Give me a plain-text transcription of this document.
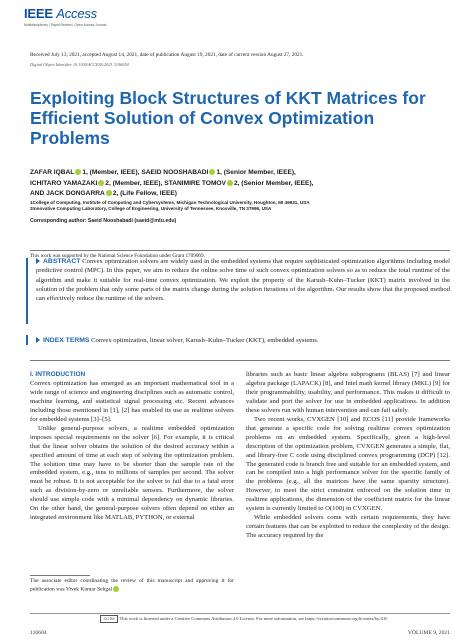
IEEE Access
Multidisciplinary | Rapid Review | Open Access Journal
Received July 13, 2021, accepted August 14, 2021, date of publication August 19, 2021, date of current version August 27, 2021.
Digital Object Identifier 10.1109/ACCESS.2021.3106054
Exploiting Block Structures of KKT Matrices for Efficient Solution of Convex Optimization Problems
ZAFAR IQBAL 1, (Member, IEEE), SAEID NOOSHABADI 1, (Senior Member, IEEE),
ICHITARO YAMAZAKI 2, (Member, IEEE), STANIMIRE TOMOV 2, (Senior Member, IEEE),
AND JACK DONGARRA 2, (Life Fellow, IEEE)
1College of Computing, Institute of Computing and Cybersystems, Michigan Technological University, Houghton, MI 49931, USA
2Innovative Computing Laboratory, College of Engineering, University of Tennessee, Knoxville, TN 37996, USA
Corresponding author: Saeid Nooshabadi (saeid@mtu.edu)
This work was supported by the National Science Foundation under Grant 1709069.
ABSTRACT Convex optimization solvers are widely used in the embedded systems that require sophisticated optimization algorithms including model predictive control (MPC). In this paper, we aim to reduce the online solve time of such convex optimization solvers so as to reduce the total runtime of the algorithm and make it suitable for real-time convex optimization. We exploit the property of the Karush–Kuhn–Tucker (KKT) matrix involved in the solution of the problem that only some parts of the matrix change during the solution iterations of the algorithm. Our results show that the proposed method can effectively reduce the runtime of the solvers.
INDEX TERMS Convex optimization, linear solver, Karush–Kuhn–Tucker (KKT), embedded systems.
I. INTRODUCTION

Convex optimization has emerged as an important mathematical tool in a wide range of science and engineering disciplines such as automatic control, machine learning, and statistical signal processing etc. Recent advances including those mentioned in [1], [2] has enabled its use as realtime solvers for embedded systems [3]–[5].

Unlike general-purpose solvers, a realtime embedded optimization imposes special requirements on the solver [6]. For example, it is critical that the linear solver obtains the solution of the desired accuracy within a specified amount of time at each step of solving the optimization problem. The solution time may have to be shorter than the sample rate of the embedded system, e.g., tens to millions of samples per second. The solver must be robust. It is not acceptable for the solver to fail due to a fatal error such as division-by-zero or unreliable sensors. Furthermore, the solver should use simple code with a minimal dependency on dynamic libraries. On the other hand, the general-purpose solvers often depend on either an integrated environment like MATLAB, PYTHON, or external

The associate editor coordinating the review of this manuscript and approving it for publication was Vivek Kumar Sehgal

libraries such as basic linear algebra subprograms (BLAS) [7] and linear algebra package (LAPACK) [8], and Intel math kernel library (MKL) [9] for their programmability, usability, and performance. This makes it difficult to validate and port the solver for use in embedded applications. In addition these solvers run with human intervention and can fail safely.

Two recent works, CVXGEN [10] and ECOS [11] provide frameworks that generate a specific code for solving realtime convex optimization problems on an embedded system. Specifically, given a high-level description of the optimization problem, CVXGEN generates a simple, flat, and library-free C code using disciplined convex programming (DCP) [12]. The generated code is branch free and suitable for an embedded system, and can be compiled into a high performance solver for the specific family of the problems (e.g., all the matrices have the same sparsity structure). However, to meet the strict constraint enforced on the solution time in realtime applications, the dimension of the coefficient matrix for the linear system is currently limited to O(100) in CVXGEN.

While embedded solvers come with certain requirements, they have certain features that can be exploited to reduce the complexity of the design. The accuracy required by the

CC BY This work is licensed under a Creative Commons Attribution 4.0 License. For more information, see https://creativecommons.org/licenses/by/4.0/
116604	VOLUME 9, 2021
